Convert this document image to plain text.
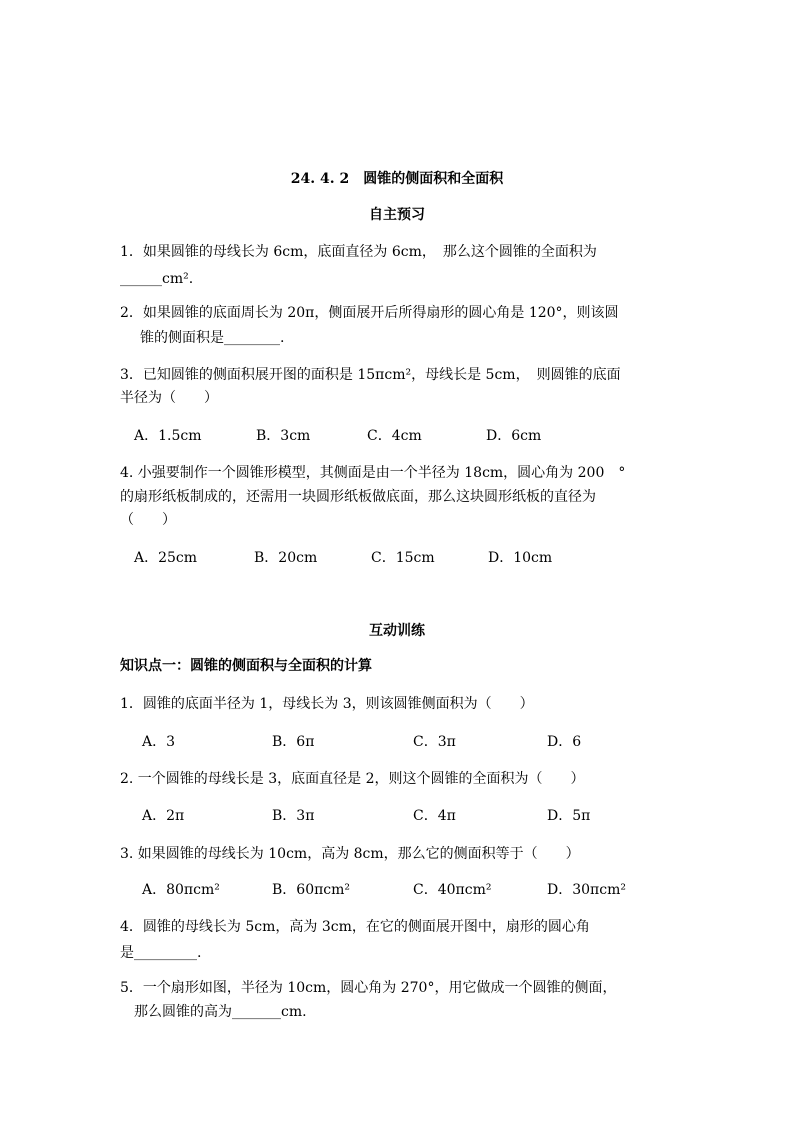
24. 4. 2　圆锥的侧面积和全面积
自主预习
1．如果圆锥的母线长为 6cm，底面直径为 6cm，　那么这个圆锥的全面积为
______cm².
2．如果圆锥的底面周长为 20π，侧面展开后所得扇形的圆心角是 120°，则该圆
锥的侧面积是________.
3．已知圆锥的侧面积展开图的面积是 15πcm²，母线长是 5cm，　则圆锥的底面
半径为（　　）
A．1.5cm	B．3cm	C．4cm	D．6cm
4. 小强要制作一个圆锥形模型，其侧面是由一个半径为 18cm，圆心角为 200　°
的扇形纸板制成的，还需用一块圆形纸板做底面，那么这块圆形纸板的直径为
（　　）
A．25cm	B．20cm	C．15cm	D．10cm
互动训练
知识点一：圆锥的侧面积与全面积的计算
1．圆锥的底面半径为 1，母线长为 3，则该圆锥侧面积为（　　）
A．3	B．6π	C．3π	D．6
2. 一个圆锥的母线长是 3，底面直径是 2，则这个圆锥的全面积为（　　）
A．2π	B．3π	C．4π	D．5π
3. 如果圆锥的母线长为 10cm，高为 8cm，那么它的侧面积等于（　　）
A．80πcm²	B．60πcm²	C．40πcm²	D．30πcm²
4．圆锥的母线长为 5cm，高为 3cm，在它的侧面展开图中，扇形的圆心角
是_________.
5．一个扇形如图，半径为 10cm，圆心角为 270°，用它做成一个圆锥的侧面，
那么圆锥的高为_______cm.
